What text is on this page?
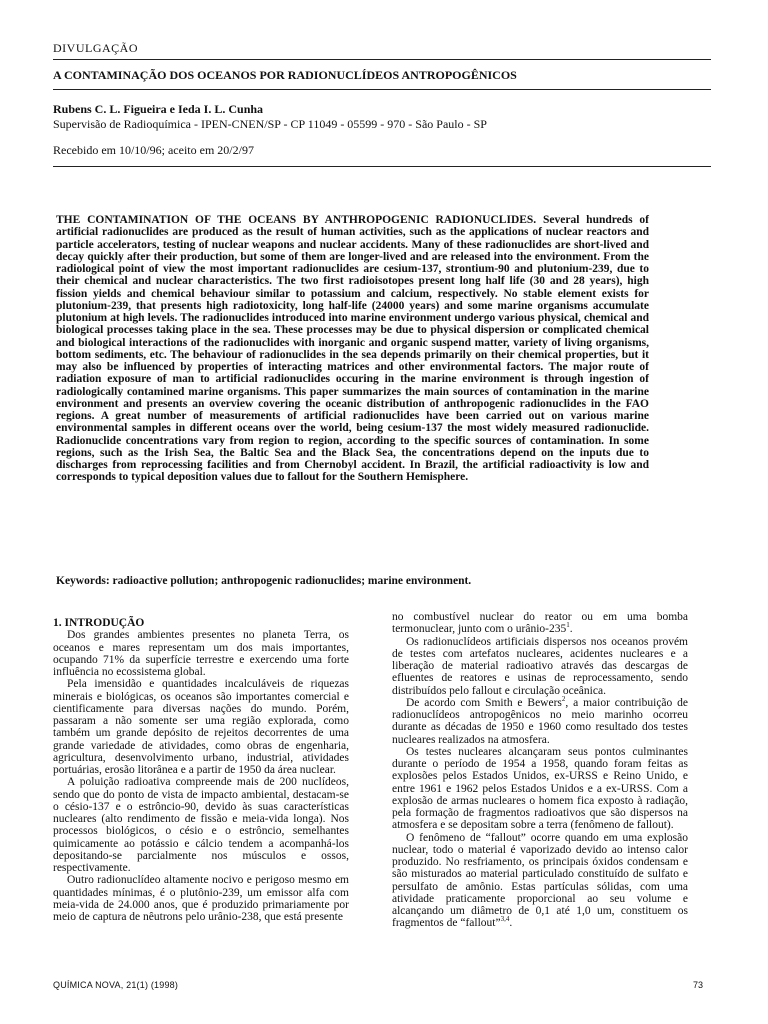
DIVULGAÇÃO

A CONTAMINAÇÃO DOS OCEANOS POR RADIONUCLÍDEOS ANTROPOGÊNICOS

Rubens C. L. Figueira e Ieda I. L. Cunha

Supervisão de Radioquímica - IPEN-CNEN/SP - CP 11049 - 05599 - 970 - São Paulo - SP

Recebido em 10/10/96; aceito em 20/2/97

THE CONTAMINATION OF THE OCEANS BY ANTHROPOGENIC RADIONUCLIDES. Several hundreds of artificial radionuclides are produced as the result of human activities, such as the applications of nuclear reactors and particle accelerators, testing of nuclear weapons and nuclear accidents. Many of these radionuclides are short-lived and decay quickly after their production, but some of them are longer-lived and are released into the environment. From the radiological point of view the most important radionuclides are cesium-137, strontium-90 and plutonium-239, due to their chemical and nuclear characteristics. The two first radioisotopes present long half life (30 and 28 years), high fission yields and chemical behaviour similar to potassium and calcium, respectively. No stable element exists for plutonium-239, that presents high radiotoxicity, long half-life (24000 years) and some marine organisms accumulate plutonium at high levels. The radionuclides introduced into marine environment undergo various physical, chemical and biological processes taking place in the sea. These processes may be due to physical dispersion or complicated chemical and biological interactions of the radionuclides with inorganic and organic suspend matter, variety of living organisms, bottom sediments, etc. The behaviour of radionuclides in the sea depends primarily on their chemical properties, but it may also be influenced by properties of interacting matrices and other environmental factors. The major route of radiation exposure of man to artificial radionuclides occuring in the marine environment is through ingestion of radiologically contamined marine organisms. This paper summarizes the main sources of contamination in the marine environment and presents an overview covering the oceanic distribution of anthropogenic radionuclides in the FAO regions. A great number of measurements of artificial radionuclides have been carried out on various marine environmental samples in different oceans over the world, being cesium-137 the most widely measured radionuclide. Radionuclide concentrations vary from region to region, according to the specific sources of contamination. In some regions, such as the Irish Sea, the Baltic Sea and the Black Sea, the concentrations depend on the inputs due to discharges from reprocessing facilities and from Chernobyl accident. In Brazil, the artificial radioactivity is low and corresponds to typical deposition values due to fallout for the Southern Hemisphere.

Keywords: radioactive pollution; anthropogenic radionuclides; marine environment.

1. INTRODUÇÃO

Dos grandes ambientes presentes no planeta Terra, os oceanos e mares representam um dos mais importantes, ocupando 71% da superfície terrestre e exercendo uma forte influência no ecossistema global.

Pela imensidão e quantidades incalculáveis de riquezas minerais e biológicas, os oceanos são importantes comercial e cientificamente para diversas nações do mundo. Porém, passaram a não somente ser uma região explorada, como também um grande depósito de rejeitos decorrentes de uma grande variedade de atividades, como obras de engenharia, agricultura, desenvolvimento urbano, industrial, atividades portuárias, erosão litorânea e a partir de 1950 da área nuclear.

A poluição radioativa compreende mais de 200 nuclídeos, sendo que do ponto de vista de impacto ambiental, destacam-se o césio-137 e o estrôncio-90, devido às suas características nucleares (alto rendimento de fissão e meia-vida longa). Nos processos biológicos, o césio e o estrôncio, semelhantes quimicamente ao potássio e cálcio tendem a acompanhá-los depositando-se parcialmente nos músculos e ossos, respectivamente.

Outro radionuclídeo altamente nocivo e perigoso mesmo em quantidades mínimas, é o plutônio-239, um emissor alfa com meia-vida de 24.000 anos, que é produzido primariamente por meio de captura de nêutrons pelo urânio-238, que está presente

no combustível nuclear do reator ou em uma bomba termonuclear, junto com o urânio-$235^1$.

Os radionuclídeos artificiais dispersos nos oceanos provém de testes com artefatos nucleares, acidentes nucleares e a liberação de material radioativo através das descargas de efluentes de reatores e usinas de reprocessamento, sendo distribuídos pelo fallout e circulação oceânica.

De acordo com Smith e Bewers$^2$, a maior contribuição de radionuclídeos antropogênicos no meio marinho ocorreu durante as décadas de 1950 e 1960 como resultado dos testes nucleares realizados na atmosfera.

Os testes nucleares alcançaram seus pontos culminantes durante o período de 1954 a 1958, quando foram feitas as explosões pelos Estados Unidos, ex-URSS e Reino Unido, e entre 1961 e 1962 pelos Estados Unidos e a ex-URSS. Com a explosão de armas nucleares o homem fica exposto à radiação, pela formação de fragmentos radioativos que são dispersos na atmosfera e se depositam sobre a terra (fenômeno de fallout).

O fenômeno de “fallout” ocorre quando em uma explosão nuclear, todo o material é vaporizado devido ao intenso calor produzido. No resfriamento, os principais óxidos condensam e são misturados ao material particulado constituído de sulfato e persulfato de amônio. Estas partículas sólidas, com uma atividade praticamente proporcional ao seu volume e alcançando um diâmetro de 0,1 até 1,0 um, constituem os fragmentos de “fallout”$^{3,4}$.

QUÍMICA NOVA, 21(1) (1998)	73
